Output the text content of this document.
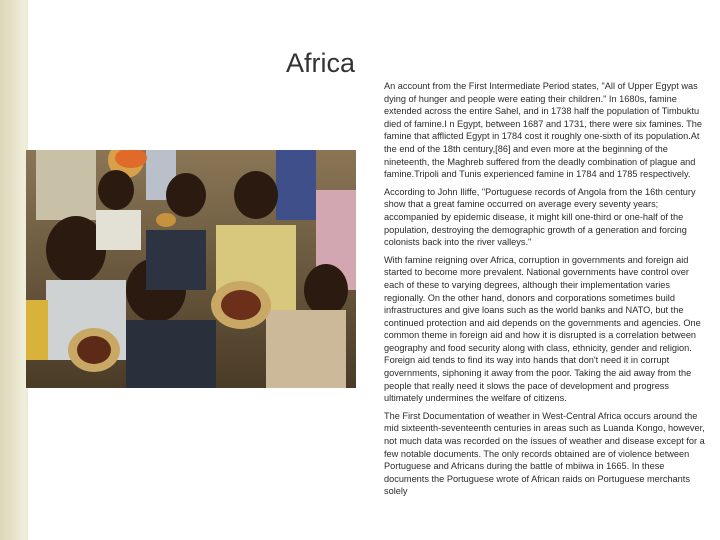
Africa

An account from the First Intermediate Period states, "All of Upper Egypt was dying of hunger and people were eating their children." In 1680s, famine extended across the entire Sahel, and in 1738 half the population of Timbuktu died of famine.I n Egypt, between 1687 and 1731, there were six famines. The famine that afflicted Egypt in 1784 cost it roughly one-sixth of its population.At the end of the 18th century,[86] and even more at the beginning of the nineteenth, the Maghreb suffered from the deadly combination of plague and famine.Tripoli and Tunis experienced famine in 1784 and 1785 respectively.

According to John Iliffe, "Portuguese records of Angola from the 16th century show that a great famine occurred on average every seventy years; accompanied by epidemic disease, it might kill one-third or one-half of the population, destroying the demographic growth of a generation and forcing colonists back into the river valleys."

With famine reigning over Africa, corruption in governments and foreign aid started to become more prevalent. National governments have control over each of these to varying degrees, although their implementation varies regionally. On the other hand, donors and corporations sometimes build infrastructures and give loans such as the world banks and NATO, but the continued protection and aid depends on the governments and agencies. One common theme in foreign aid and how it is disrupted is a correlation between geography and food security along with class, ethnicity, gender and religion. Foreign aid tends to find its way into hands that don't need it in corrupt governments, siphoning it away from the poor. Taking the aid away from the people that really need it slows the pace of development and progress ultimately undermines the welfare of citizens.

The First Documentation of weather in West-Central Africa occurs around the mid sixteenth-seventeenth centuries in areas such as Luanda Kongo, however, not much data was recorded on the issues of weather and disease except for a few notable documents. The only records obtained are of violence between Portuguese and Africans during the battle of mbiiwa in 1665. In these documents the Portuguese wrote of African raids on Portuguese merchants solely
